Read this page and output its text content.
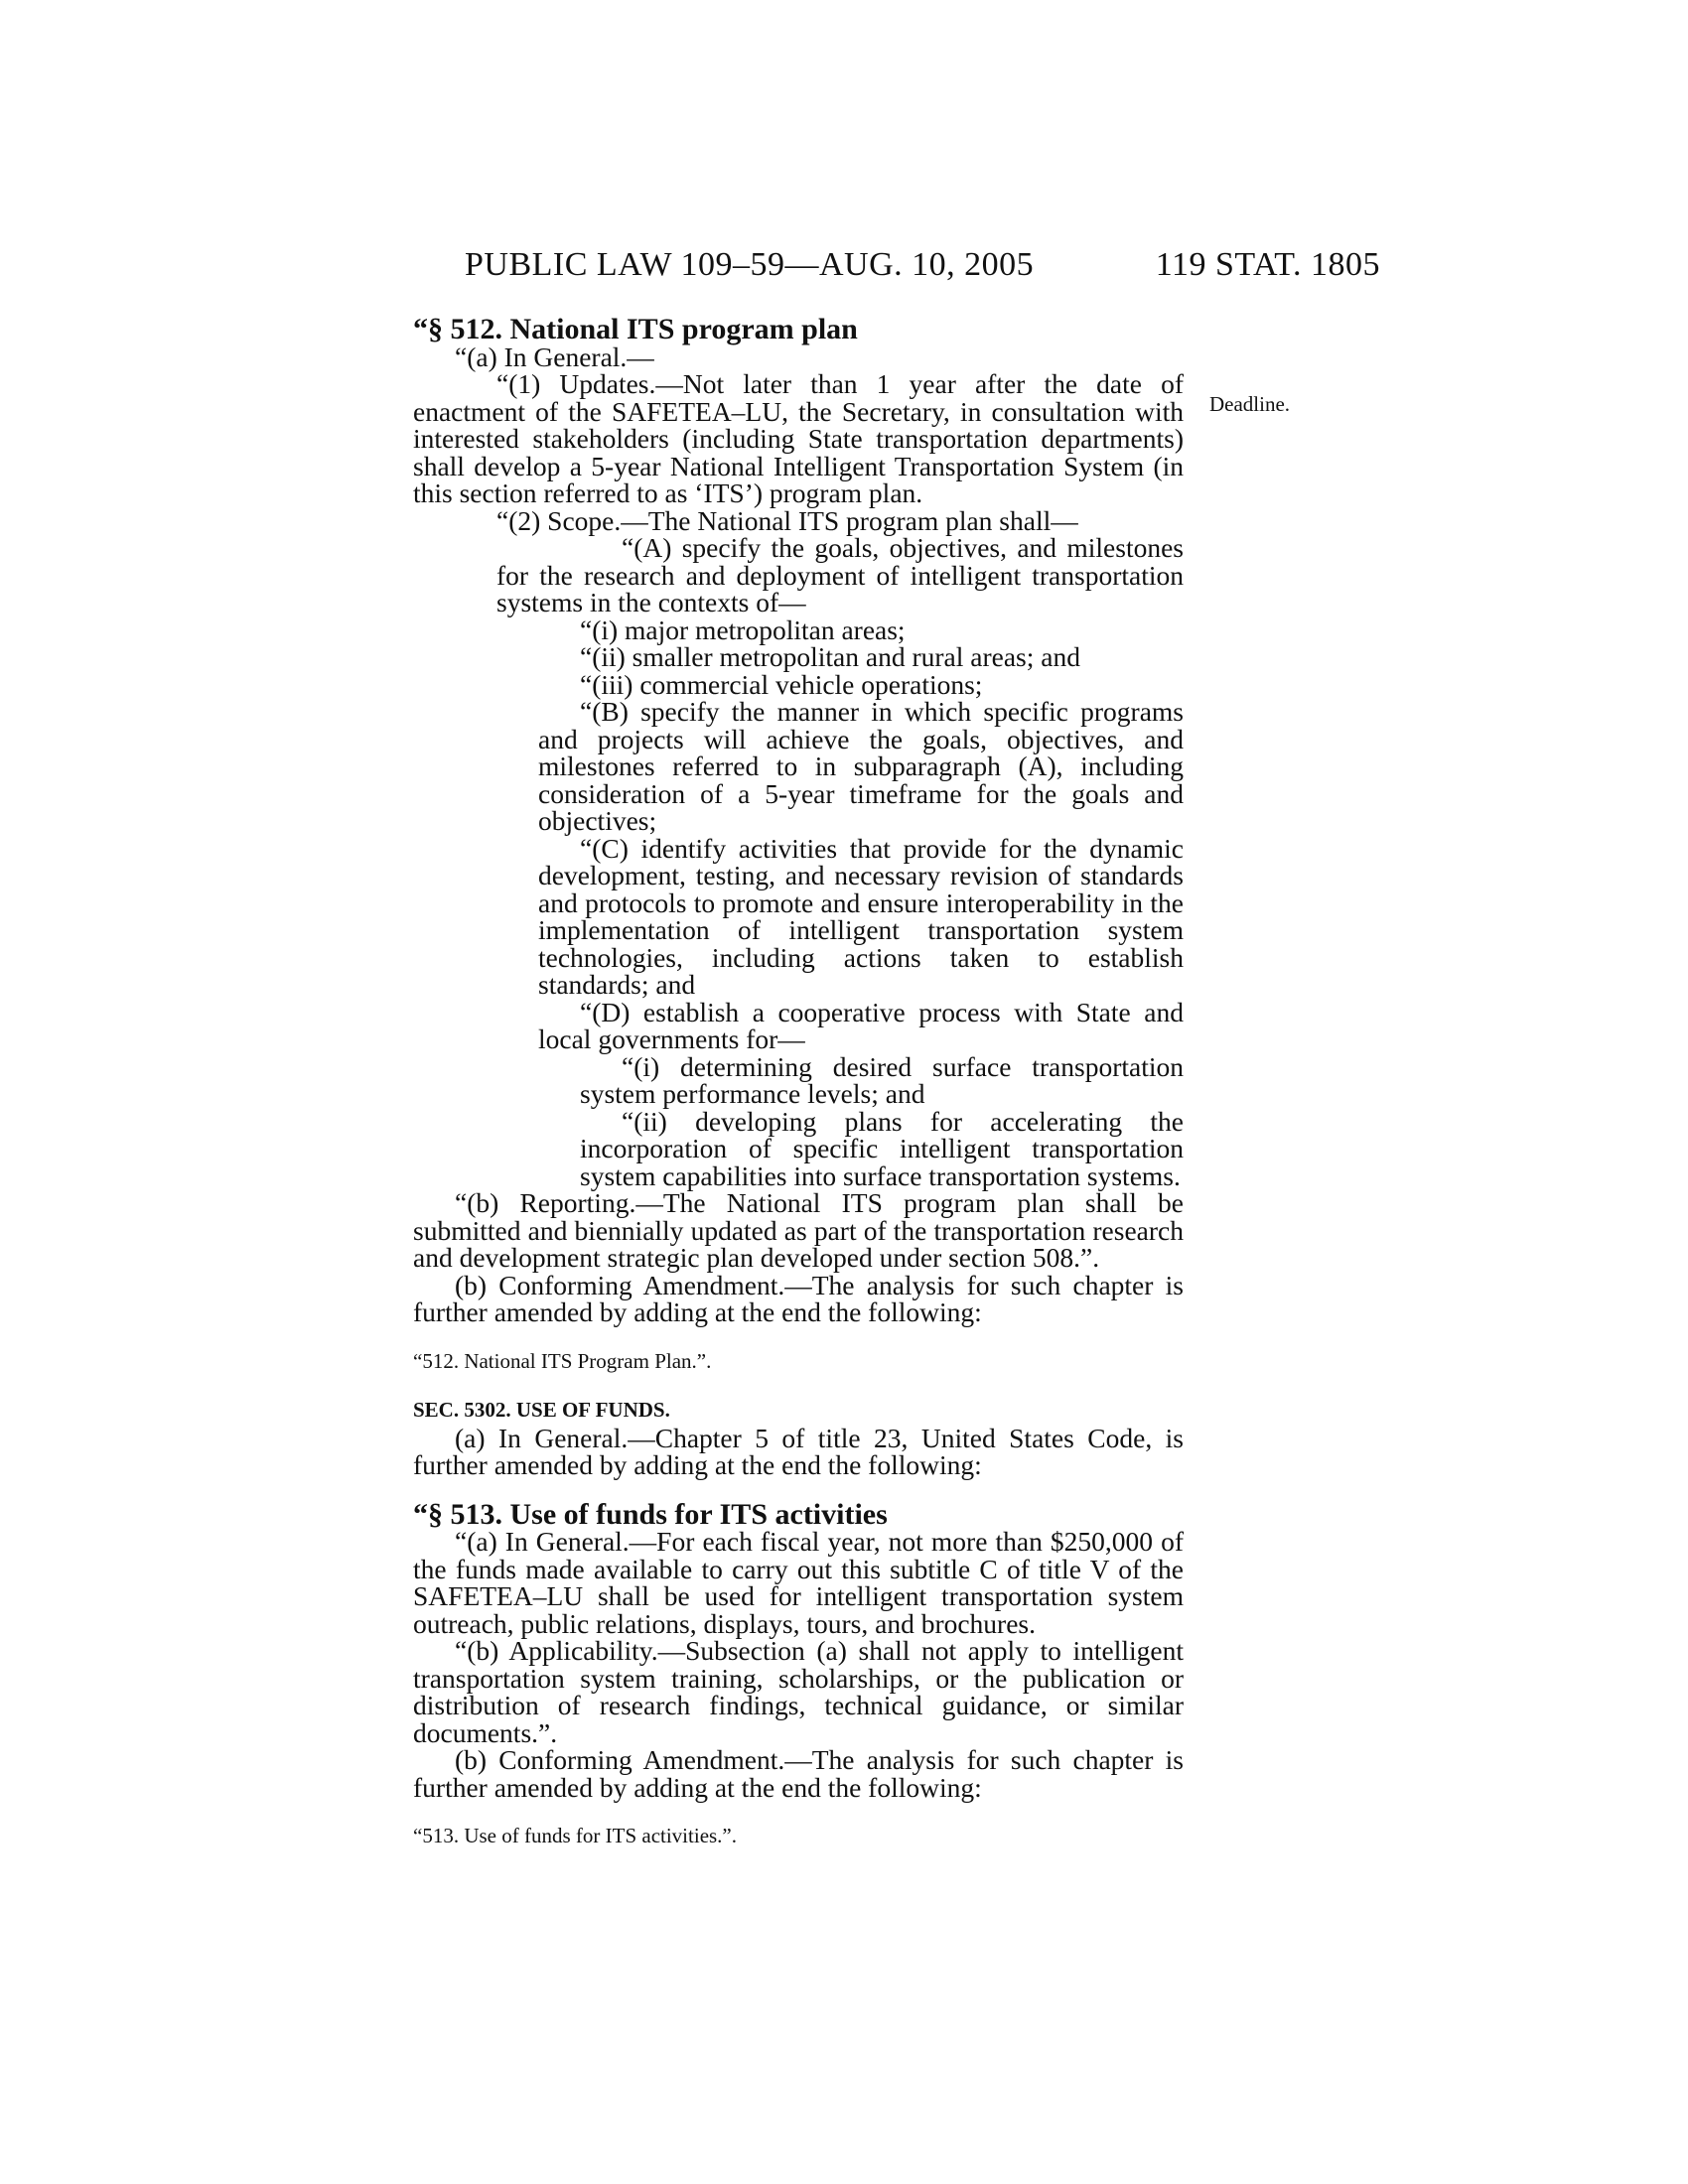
PUBLIC LAW 109–59—AUG. 10, 2005	119 STAT. 1805
Deadline.

“§ 512. National ITS program plan

“(a) In General.—

“(1) Updates.—Not later than 1 year after the date of enactment of the SAFETEA–LU, the Secretary, in consultation with interested stakeholders (including State transportation departments) shall develop a 5-year National Intelligent Transportation System (in this section referred to as ‘ITS’) program plan.

“(2) Scope.—The National ITS program plan shall—

“(A) specify the goals, objectives, and milestones for the research and deployment of intelligent transportation systems in the contexts of—

“(i) major metropolitan areas;

“(ii) smaller metropolitan and rural areas; and

“(iii) commercial vehicle operations;

“(B) specify the manner in which specific programs and projects will achieve the goals, objectives, and milestones referred to in subparagraph (A), including consideration of a 5-year timeframe for the goals and objectives;

“(C) identify activities that provide for the dynamic development, testing, and necessary revision of standards and protocols to promote and ensure interoperability in the implementation of intelligent transportation system technologies, including actions taken to establish standards; and

“(D) establish a cooperative process with State and local governments for—

“(i) determining desired surface transportation system performance levels; and

“(ii) developing plans for accelerating the incorporation of specific intelligent transportation system capabilities into surface transportation systems.

“(b) Reporting.—The National ITS program plan shall be submitted and biennially updated as part of the transportation research and development strategic plan developed under section 508.”.

(b) Conforming Amendment.—The analysis for such chapter is further amended by adding at the end the following:

“512. National ITS Program Plan.”.

SEC. 5302. USE OF FUNDS.

(a) In General.—Chapter 5 of title 23, United States Code, is further amended by adding at the end the following:

“§ 513. Use of funds for ITS activities

“(a) In General.—For each fiscal year, not more than $250,000 of the funds made available to carry out this subtitle C of title V of the SAFETEA–LU shall be used for intelligent transportation system outreach, public relations, displays, tours, and brochures.

“(b) Applicability.—Subsection (a) shall not apply to intelligent transportation system training, scholarships, or the publication or distribution of research findings, technical guidance, or similar documents.”.

(b) Conforming Amendment.—The analysis for such chapter is further amended by adding at the end the following:

“513. Use of funds for ITS activities.”.
